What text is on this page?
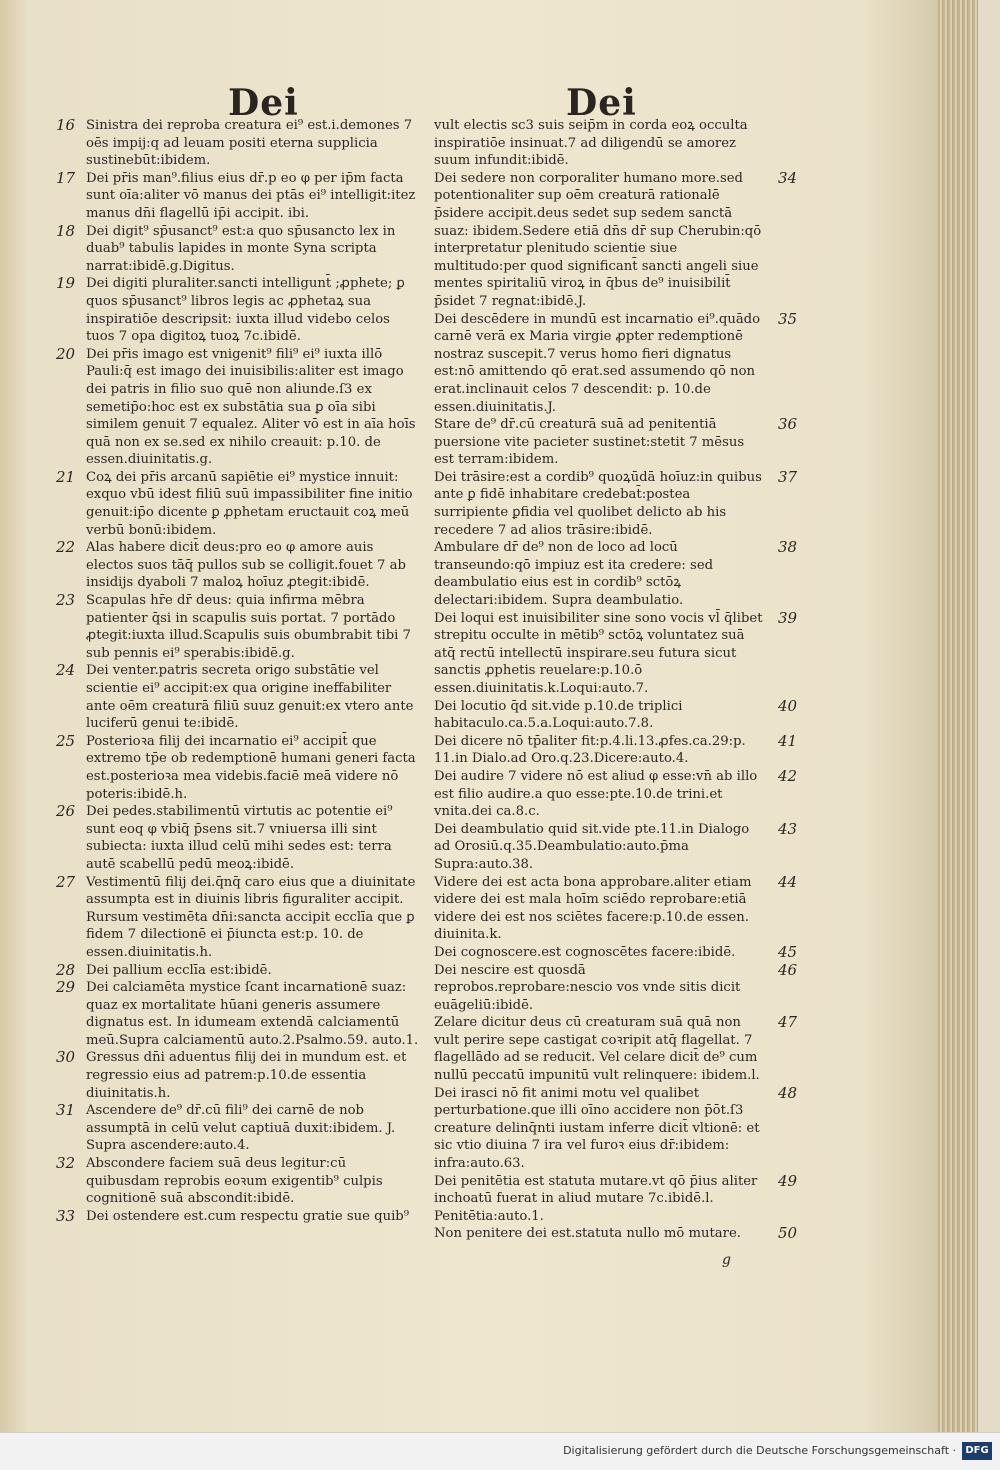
Dei	Dei
16 Sinistra dei reproba creatura ei⁹ est.i.demones 7 oēs impij:q ad leuam positi eterna supplicia sustinebūt:ibidem.

17 Dei pr̄is man⁹.filius eius dr̄.p eo φ per ip̄m facta sunt oīa:aliter vō manus dei ptās ei⁹ intelligit:itez manus dn̄i flagellū ip̄i accipit. ibi.

18 Dei digit⁹ sp̄usanct⁹ est:a quo sp̄usancto lex in duab⁹ tabulis lapides in monte Syna scripta narrat:ibidē.g.Digitus.

19 Dei digiti pluraliter.sancti intelligunt̄ ;ꝓphete; ꝑ quos sp̄usanct⁹ libros legis ac ꝓphetaꝝ sua inspiratiōe descripsit: iuxta illud videbo celos tuos 7 opa digitoꝝ tuoꝝ 7c.ibidē.

20 Dei pr̄is imago est vnigenit⁹ fili⁹ ei⁹ iuxta illō Pauli:q̄ est imago dei inuisibilis:aliter est imago dei patris in filio suo quē non aliunde.ſ3 ex semetip̄o:hoc est ex substātia sua ꝑ oīa sibi similem genuit 7 equalez. Aliter vō est in aīa hoīs quā non ex se.sed ex nihilo creauit: p.10. de essen.diuinitatis.g.

21 Coꝝ dei pr̄is arcanū sapiētie ei⁹ mystice innuit: exquo vbū idest filiū suū impassibiliter fine initio genuit:ip̄o dicente ꝑ ꝓphetam eructauit coꝝ meū verbū bonū:ibidem.

22 Alas habere dicit̄ deus:pro eo φ amore auis electos suos tāq̄ pullos sub se colligit.fouet 7 ab insidijs dyaboli 7 maloꝝ hoīuz ꝓtegit:ibidē.

23 Scapulas hr̄e dr̄ deus: quia infirma mēbra patienter q̄si in scapulis suis portat. 7 portādo ꝓtegit:iuxta illud.Scapulis suis obumbrabit tibi 7 sub pennis ei⁹ sperabis:ibidē.g.

24 Dei venter.patris secreta origo substātie vel scientie ei⁹ accipit:ex qua origine ineffabiliter ante oēm creaturā filiū suuz genuit:ex vtero ante luciferū genui te:ibidē.

25 Posterioꝛa filij dei incarnatio ei⁹ accipit̄ que extremo tp̄e ob redemptionē humani generi facta est.posterioꝛa mea videbis.faciē meā videre nō poteris:ibidē.h.

26 Dei pedes.stabilimentū virtutis ac potentie ei⁹ sunt eoq φ vbiq̄ p̄sens sit.7 vniuersa illi sint subiecta: iuxta illud celū mihi sedes est: terra autē scabellū pedū meoꝝ:ibidē.

27 Vestimentū filij dei.q̄nq̄ caro eius que a diuinitate assumpta est in diuinis libris figuraliter accipit. Rursum vestimēta dn̄i:sancta accipit ecclīa que ꝑ fidem 7 dilectionē ei p̄iuncta est:p. 10. de essen.diuinitatis.h.

28 Dei pallium ecclīa est:ibidē.

29 Dei calciamēta mystice ſcant incarnationē suaz: quaz ex mortalitate hūani generis assumere dignatus est. In idumeam extendā calciamentū meū.Supra calciamentū auto.2.Psalmo.59. auto.1.

30 Gressus dn̄i aduentus filij dei in mundum est. et regressio eius ad patrem:p.10.de essentia diuinitatis.h.

31 Ascendere de⁹ dr̄.cū fili⁹ dei carnē de nob assumptā in celū velut captiuā duxit:ibidem. J. Supra ascendere:auto.4.

32 Abscondere faciem suā deus legitur:cū quibusdam reprobis eoꝛum exigentib⁹ culpis cognitionē suā abscondit:ibidē.

33 Dei ostendere est.cum respectu gratie sue quib⁹

vult electis sc3 suis seip̄m in corda eoꝝ occulta inspiratiōe insinuat.7 ad diligendū se amorez suum infundit:ibidē.

34

Dei sedere non corporaliter humano more.sed potentionaliter sup oēm creaturā rationalē p̄sidere accipit.deus sedet sup sedem sanctā suaz: ibidem.Sedere etiā dn̄s dr̄ sup Cherubin:qō interpretatur plenitudo scientie siue multitudo:per quod significant̄ sancti angeli siue mentes spiritaliū viroꝝ in q̄bus de⁹ inuisibilit̄ p̄sidet 7 regnat:ibidē.J.

35

Dei descēdere in mundū est incarnatio ei⁹.quādo carnē verā ex Maria virgie ꝓpter redemptionē nostraz suscepit.7 verus homo fieri dignatus est:nō amittendo qō erat.sed assumendo qō non erat.inclinauit celos 7 descendit: p. 10.de essen.diuinitatis.J.

36

Stare de⁹ dr̄.cū creaturā suā ad penitentiā puersione vite pacieter sustinet:stetit 7 mēsus est terram:ibidem.

37

Dei trāsire:est a cordib⁹ quoꝝūdā hoīuz:in quibus ante ꝑ fidē inhabitare credebat̄:postea surripiente ꝑfidia vel quolibet delicto ab his recedere 7 ad alios trāsire:ibidē.

38

Ambulare dr̄ de⁹ non de loco ad locū transeundo:qō impiuz est ita credere: sed deambulatio eius est in cordib⁹ sctōꝝ delectari:ibidem. Supra deambulatio.

39

Dei loqui est inuisibiliter sine sono vocis vl̄ q̄libet strepitu occulte in mētib⁹ sctōꝝ voluntatez suā atq̄ rectū intellectū inspirare.seu futura sicut sanctis ꝓphetis reuelare:p.10.ō essen.diuinitatis.k.Loqui:auto.7.

40

Dei locutio q̄d sit.vide p.10.de triplici habitaculo.ca.5.a.Loqui:auto.7.8.

41

Dei dicere nō tp̄aliter fit:p.4.li.13.ꝓfes.ca.29:p. 11.in Dialo.ad Oro.q.23.Dicere:auto.4.

42

Dei audire 7 videre nō est aliud φ esse:vn̄ ab illo est filio audire.a quo esse:pte.10.de trini.et vnita.dei ca.8.c.

43

Dei deambulatio quid sit.vide pte.11.in Dialogo ad Orosiū.q.35.Deambulatio:auto.p̄ma Supra:auto.38.

44

Videre dei est acta bona approbare.aliter etiam videre dei est mala hoīm sciēdo reprobare:etiā videre dei est nos sciētes facere:p.10.de essen. diuinita.k.

45

Dei cognoscere.est cognoscētes facere:ibidē.

46

Dei nescire est quosdā reprobos.reprobare:nescio vos vnde sitis dicit euāgeliū:ibidē.

47

Zelare dicitur deus cū creaturam suā quā non vult perire sepe castigat coꝛripit atq̄ flagellat. 7 flagellādo ad se reducit. Vel celare dicit̄ de⁹ cum nullū peccatū impunitū vult relinquere: ibidem.l.

48

Dei irasci nō fit animi motu vel qualibet perturbatione.que illi oīno accidere non p̄ōt.ſ3 creature delinq̄nti iustam inferre dicit̄ vltionē: et sic vtio diuina 7 ira vel furoꝛ eius dr̄:ibidem: infra:auto.63.

49

Dei penitētia est statuta mutare.vt qō p̄ius aliter inchoatū fuerat in aliud mutare 7c.ibidē.l. Penitētia:auto.1.

50

Non penitere dei est.statuta nullo mō mutare.

g
Digitalisierung gefördert durch die Deutsche Forschungsgemeinschaft · DFG
